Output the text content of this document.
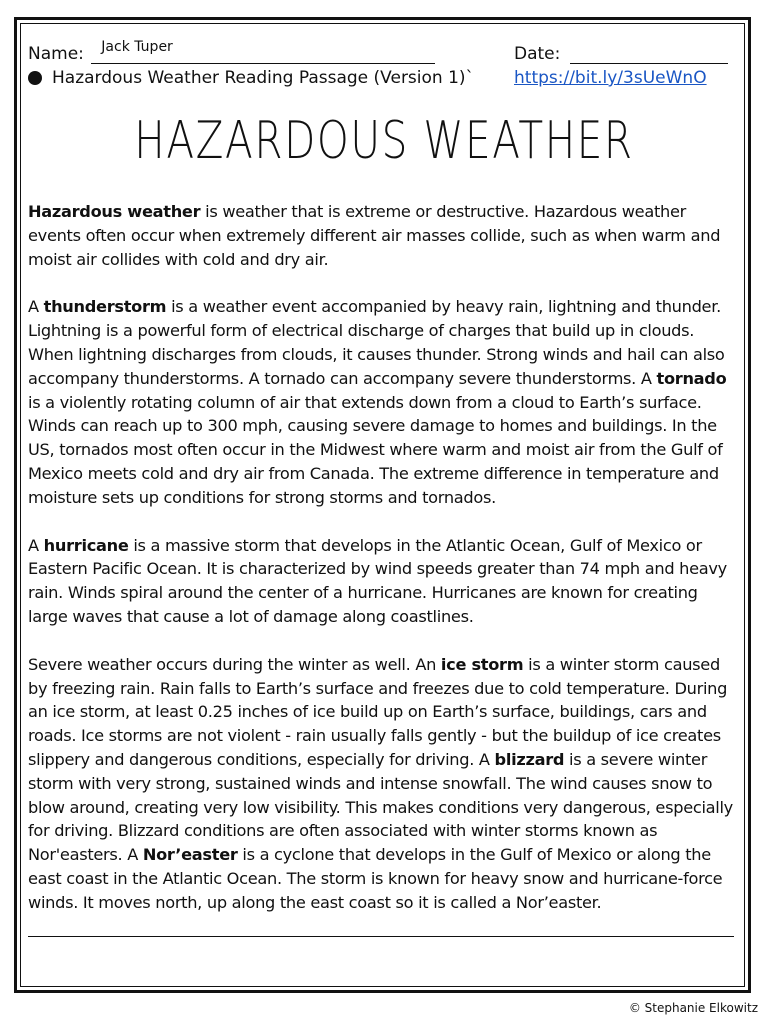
Name: Jack Tuper	Date:
Hazardous Weather Reading Passage (Version 1)` https://bit.ly/3sUeWnO
HAZARDOUS WEATHER

Hazardous weather is weather that is extreme or destructive. Hazardous weather events often occur when extremely different air masses collide, such as when warm and moist air collides with cold and dry air.

A thunderstorm is a weather event accompanied by heavy rain, lightning and thunder. Lightning is a powerful form of electrical discharge of charges that build up in clouds. When lightning discharges from clouds, it causes thunder. Strong winds and hail can also accompany thunderstorms. A tornado can accompany severe thunderstorms. A tornado is a violently rotating column of air that extends down from a cloud to Earth’s surface. Winds can reach up to 300 mph, causing severe damage to homes and buildings. In the US, tornados most often occur in the Midwest where warm and moist air from the Gulf of Mexico meets cold and dry air from Canada. The extreme difference in temperature and moisture sets up conditions for strong storms and tornados.

A hurricane is a massive storm that develops in the Atlantic Ocean, Gulf of Mexico or Eastern Pacific Ocean. It is characterized by wind speeds greater than 74 mph and heavy rain. Winds spiral around the center of a hurricane. Hurricanes are known for creating large waves that cause a lot of damage along coastlines.

Severe weather occurs during the winter as well. An ice storm is a winter storm caused by freezing rain. Rain falls to Earth’s surface and freezes due to cold temperature. During an ice storm, at least 0.25 inches of ice build up on Earth’s surface, buildings, cars and roads. Ice storms are not violent - rain usually falls gently - but the buildup of ice creates slippery and dangerous conditions, especially for driving. A blizzard is a severe winter storm with very strong, sustained winds and intense snowfall. The wind causes snow to blow around, creating very low visibility. This makes conditions very dangerous, especially for driving. Blizzard conditions are often associated with winter storms known as Nor'easters. A Nor’easter is a cyclone that develops in the Gulf of Mexico or along the east coast in the Atlantic Ocean. The storm is known for heavy snow and hurricane-force winds. It moves north, up along the east coast so it is called a Nor’easter.

© Stephanie Elkowitz
